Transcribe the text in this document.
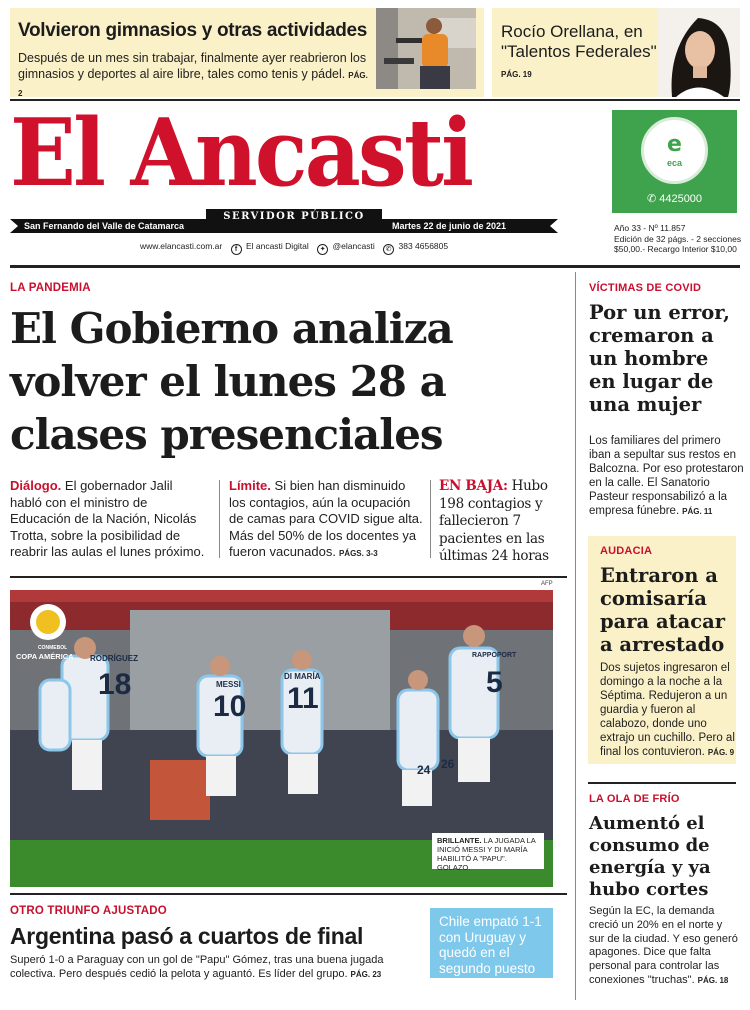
Volvieron gimnasios y otras actividades
Después de un mes sin trabajar, finalmente ayer reabrieron los gimnasios y deportes al aire libre, tales como tenis y pádel. PÁG. 2
Rocío Orellana, en
"Talentos Federales"
PÁG. 19
El Ancasti
SERVIDOR PÚBLICO
San Fernando del Valle de Catamarca	Martes 22 de junio de 2021
www.elancasti.com.ar f El ancasti Digital ✦ @elancasti ✆ 383 4656805
e
eca
✆ 4425000
Año 33 - Nº 11.857
Edición de 32 págs. - 2 secciones
$50,00.- Recargo Interior $10,00
LA PANDEMIA
El Gobierno analiza
volver el lunes 28 a
clases presenciales
Diálogo. El gobernador Jalil
habló con el ministro de
Educación de la Nación, Nicolás
Trotta, sobre la posibilidad de
reabrir las aulas el lunes próximo.
Límite. Si bien han disminuido
los contagios, aún la ocupación
de camas para COVID sigue alta.
Más del 50% de los docentes ya
fueron vacunados. PÁGS. 3-3
EN BAJA: Hubo
198 contagios y
fallecieron 7
pacientes en las
últimas 24 horas
AFP
CONMEBOL
COPA AMÉRICA
18
10 11	5
24 26
RODRÍGUEZ
MESSI
DI MARÍA
RAPPOPORT
BRILLANTE. LA JUGADA LA
INICIÓ MESSI Y DI MARÍA
HABILITÓ A "PAPU". GOLAZO.
OTRO TRIUNFO AJUSTADO
Argentina pasó a cuartos de final
Superó 1-0 a Paraguay con un gol de "Papu" Gómez, tras una buena jugada
colectiva. Pero después cedió la pelota y aguantó. Es líder del grupo. PÁG. 23
Chile empató 1-1
con Uruguay y
quedó en el
segundo puesto
VÍCTIMAS DE COVID
Por un error,
cremaron a
un hombre
en lugar de
una mujer
Los familiares del primero
iban a sepultar sus restos en
Balcozna. Por eso protestaron
en la calle. El Sanatorio
Pasteur responsabilizó a la
empresa fúnebre. PÁG. 11
AUDACIA
Entraron a
comisaría
para atacar
a arrestado
Dos sujetos ingresaron el
domingo a la noche a la
Séptima. Redujeron a un
guardia y fueron al
calabozo, donde uno
extrajo un cuchillo. Pero al
final los contuvieron. PÁG. 9
LA OLA DE FRÍO
Aumentó el
consumo de
energía y ya
hubo cortes
Según la EC, la demanda
creció un 20% en el norte y
sur de la ciudad. Y eso generó
apagones. Dice que falta
personal para controlar las
conexiones "truchas". PÁG. 18
